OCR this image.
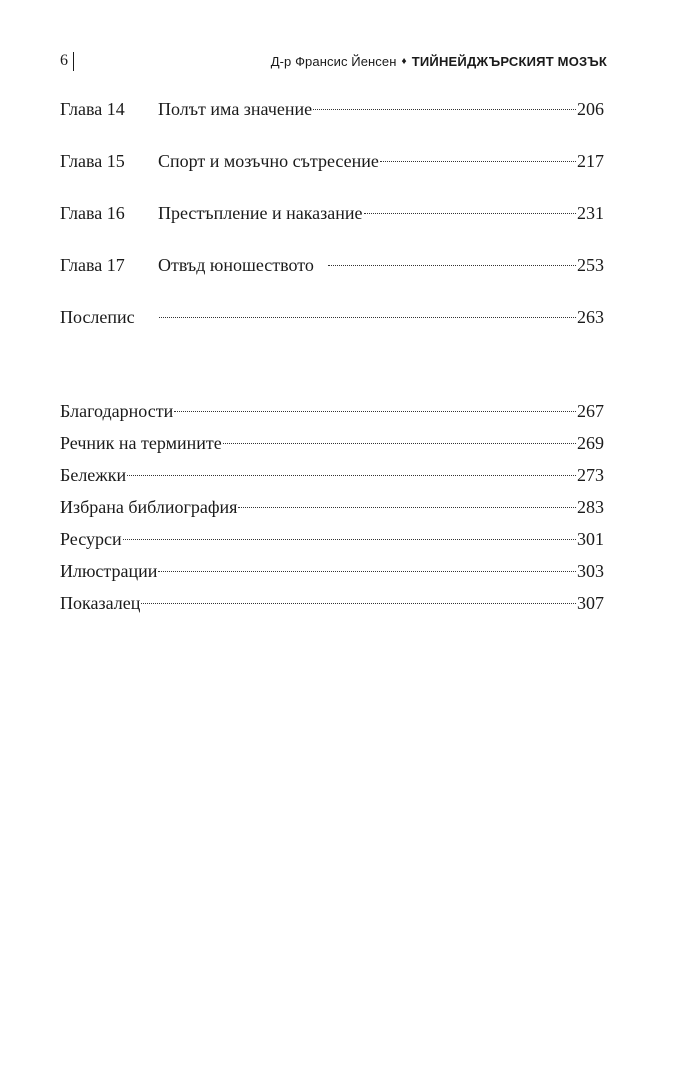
6	Д-р Франсис Йенсен ♦ ТИЙНЕЙДЖЪРСКИЯТ МОЗЪК
Глава 14	Полът има значение	206
Глава 15	Спорт и мозъчно сътресение	217
Глава 16	Престъпление и наказание	231
Глава 17	Отвъд юношеството	253
Послепис	263
Благодарности	267
Речник на термините	269
Бележки	273
Избрана библиография	283
Ресурси	301
Илюстрации	303
Показалец	307
